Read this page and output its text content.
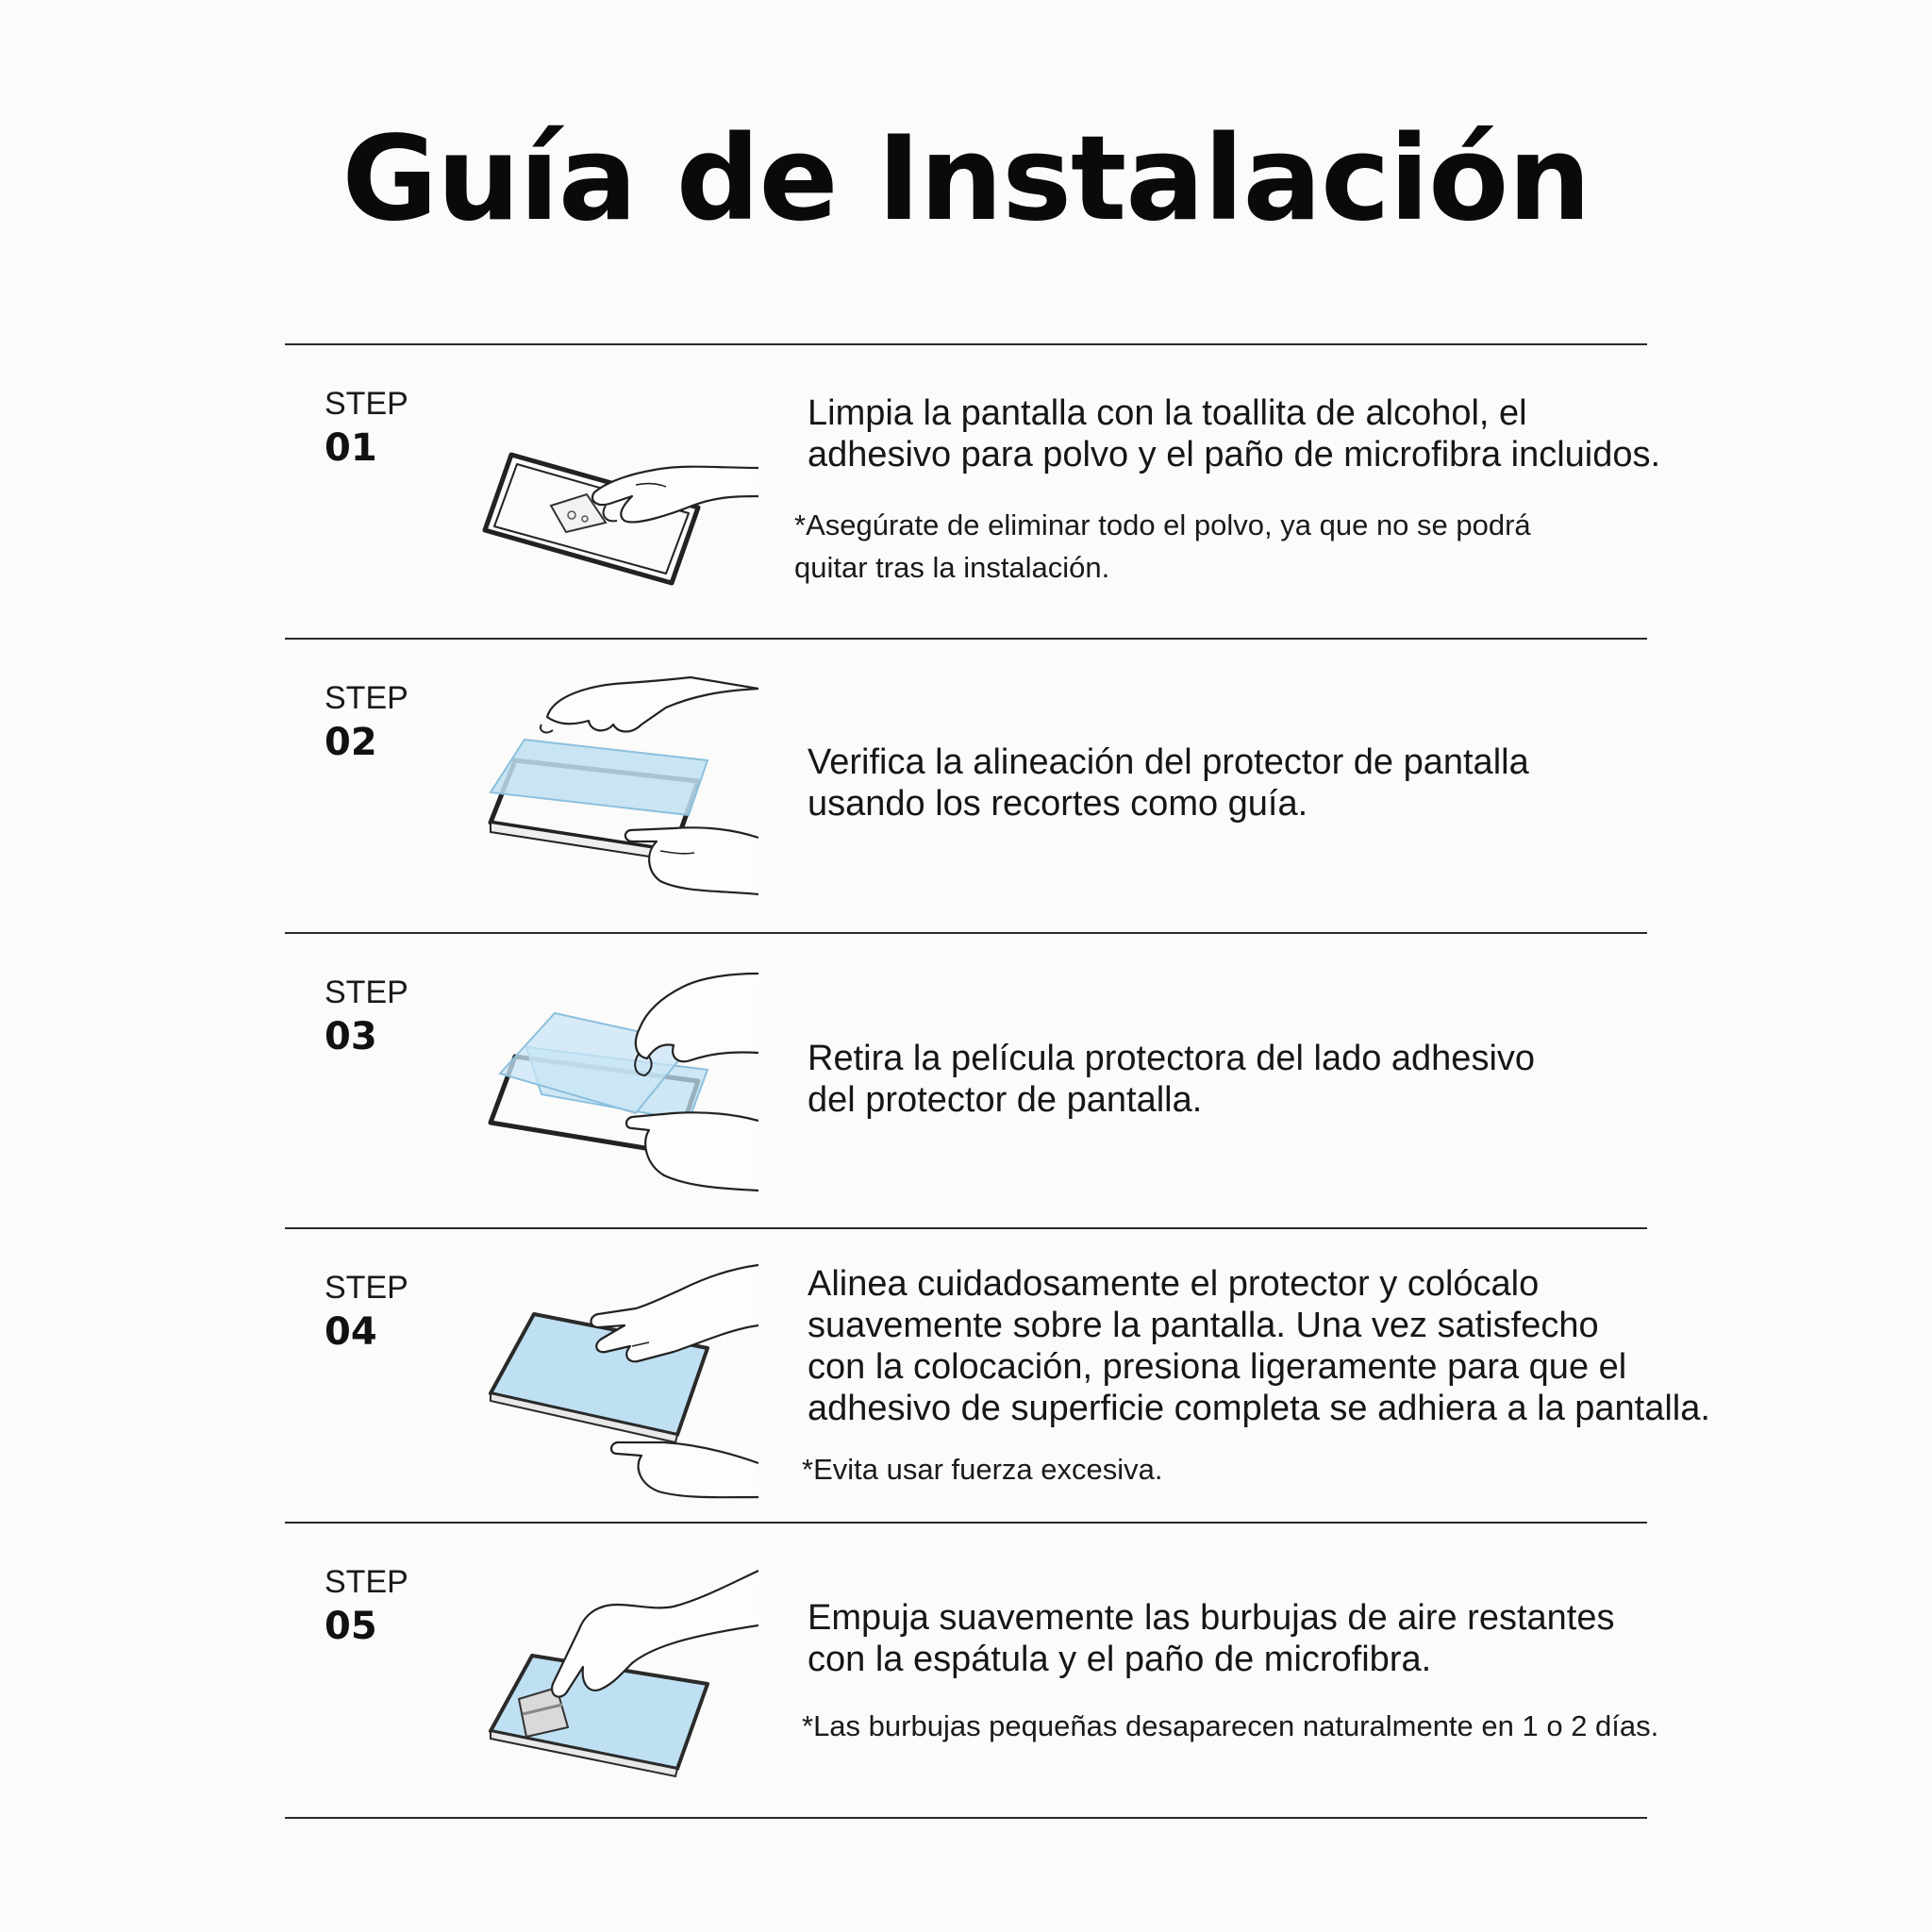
Guía de Instalación
STEP
01
Limpia la pantalla con la toallita de alcohol, el
adhesivo para polvo y el paño de microfibra incluidos.
*Asegúrate de eliminar todo el polvo, ya que no se podrá
quitar tras la instalación.
STEP
02	Verifica la alineación del protector de pantalla
usando los recortes como guía.
STEP
03	Retira la película protectora del lado adhesivo
del protector de pantalla.
STEP
04
Alinea cuidadosamente el protector y colócalo
suavemente sobre la pantalla. Una vez satisfecho
con la colocación, presiona ligeramente para que el
adhesivo de superficie completa se adhiera a la pantalla.
*Evita usar fuerza excesiva.
STEP
05	Empuja suavemente las burbujas de aire restantes
con la espátula y el paño de microfibra.
*Las burbujas pequeñas desaparecen naturalmente en 1 o 2 días.
